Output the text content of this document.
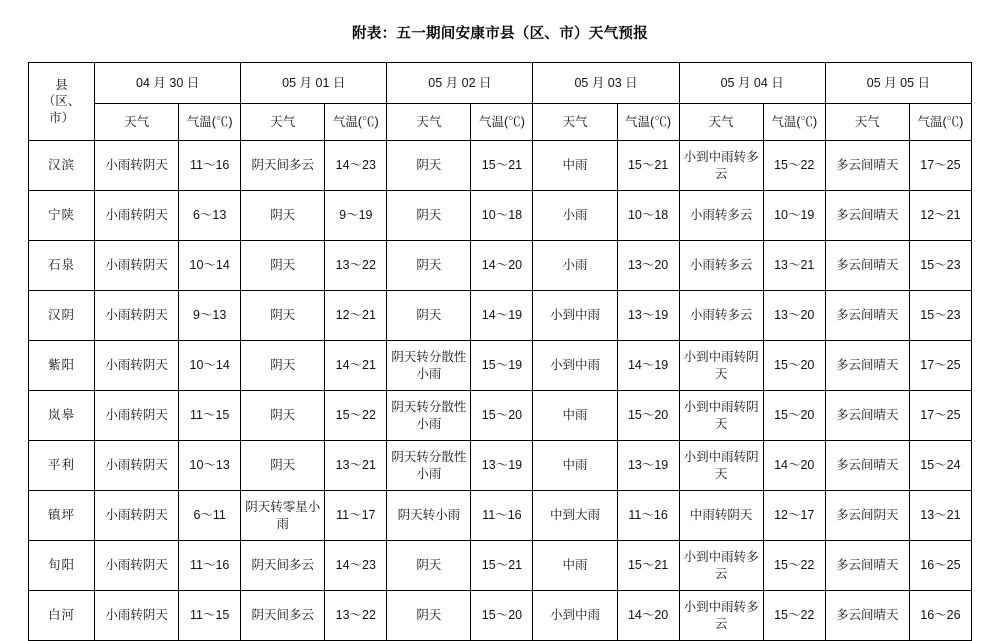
附表：五一期间安康市县（区、市）天气预报
县
（区、
市）	04 月 30 日		05 月 01 日		05 月 02 日		05 月 03 日		05 月 04 日		05 月 05 日	
	天气	气温(℃)	天气	气温(℃)	天气	气温(℃)	天气	气温(℃)	天气	气温(℃)	天气	气温(℃)
汉滨	小雨转阴天	11～16	阴天间多云	14～23	阴天	15～21	中雨	15～21	小到中雨转多云	15～22	多云间晴天	17～25
宁陕	小雨转阴天	6～13	阴天	9～19	阴天	10～18	小雨	10～18	小雨转多云	10～19	多云间晴天	12～21
石泉	小雨转阴天	10～14	阴天	13～22	阴天	14～20	小雨	13～20	小雨转多云	13～21	多云间晴天	15～23
汉阴	小雨转阴天	9～13	阴天	12～21	阴天	14～19	小到中雨	13～19	小雨转多云	13～20	多云间晴天	15～23
紫阳	小雨转阴天	10～14	阴天	14～21	阴天转分散性小雨	15～19	小到中雨	14～19	小到中雨转阴天	15～20	多云间晴天	17～25
岚皋	小雨转阴天	11～15	阴天	15～22	阴天转分散性小雨	15～20	中雨	15～20	小到中雨转阴天	15～20	多云间晴天	17～25
平利	小雨转阴天	10～13	阴天	13～21	阴天转分散性小雨	13～19	中雨	13～19	小到中雨转阴天	14～20	多云间晴天	15～24
镇坪	小雨转阴天	6～11	阴天转零星小雨	11～17	阴天转小雨	11～16	中到大雨	11～16	中雨转阴天	12～17	多云间阴天	13～21
旬阳	小雨转阴天	11～16	阴天间多云	14～23	阴天	15～21	中雨	15～21	小到中雨转多云	15～22	多云间晴天	16～25
白河	小雨转阴天	11～15	阴天间多云	13～22	阴天	15～20	小到中雨	14～20	小到中雨转多云	15～22	多云间晴天	16～26
